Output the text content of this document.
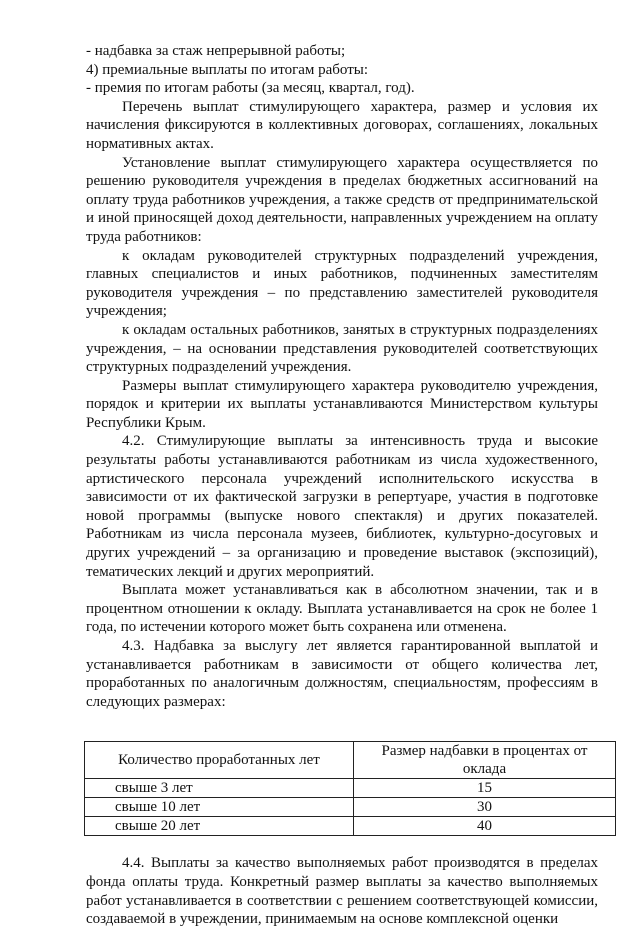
- надбавка за стаж непрерывной работы;

4) премиальные выплаты по итогам работы:

- премия по итогам работы (за месяц, квартал, год).

Перечень выплат стимулирующего характера, размер и условия их начисления фиксируются в коллективных договорах, соглашениях, локальных нормативных актах.

Установление выплат стимулирующего характера осуществляется по решению руководителя учреждения в пределах бюджетных ассигнований на оплату труда работников учреждения, а также средств от предпринимательской и иной приносящей доход деятельности, направленных учреждением на оплату труда работников:

к окладам руководителей структурных подразделений учреждения, главных специалистов и иных работников, подчиненных заместителям руководителя учреждения – по представлению заместителей руководителя учреждения;

к окладам остальных работников, занятых в структурных подразделениях учреждения, – на основании представления руководителей соответствующих структурных подразделений учреждения.

Размеры выплат стимулирующего характера руководителю учреждения, порядок и критерии их выплаты устанавливаются Министерством культуры Республики Крым.

4.2. Стимулирующие выплаты за интенсивность труда и высокие результаты работы устанавливаются работникам из числа художественного, артистического персонала учреждений исполнительского искусства в зависимости от их фактической загрузки в репертуаре, участия в подготовке новой программы (выпуске нового спектакля) и других показателей. Работникам из числа персонала музеев, библиотек, культурно-досуговых и других учреждений – за организацию и проведение выставок (экспозиций), тематических лекций и других мероприятий.

Выплата может устанавливаться как в абсолютном значении, так и в процентном отношении к окладу. Выплата устанавливается на срок не более 1 года, по истечении которого может быть сохранена или отменена.

4.3. Надбавка за выслугу лет является гарантированной выплатой и устанавливается работникам в зависимости от общего количества лет, проработанных по аналогичным должностям, специальностям, профессиям в следующих размерах:

Количество проработанных лет	Размер надбавки в процентах от оклада
свыше 3 лет	15
свыше 10 лет	30
свыше 20 лет	40

4.4. Выплаты за качество выполняемых работ производятся в пределах фонда оплаты труда. Конкретный размер выплаты за качество выполняемых работ устанавливается в соответствии с решением соответствующей комиссии, создаваемой в учреждении, принимаемым на основе комплексной оценки
